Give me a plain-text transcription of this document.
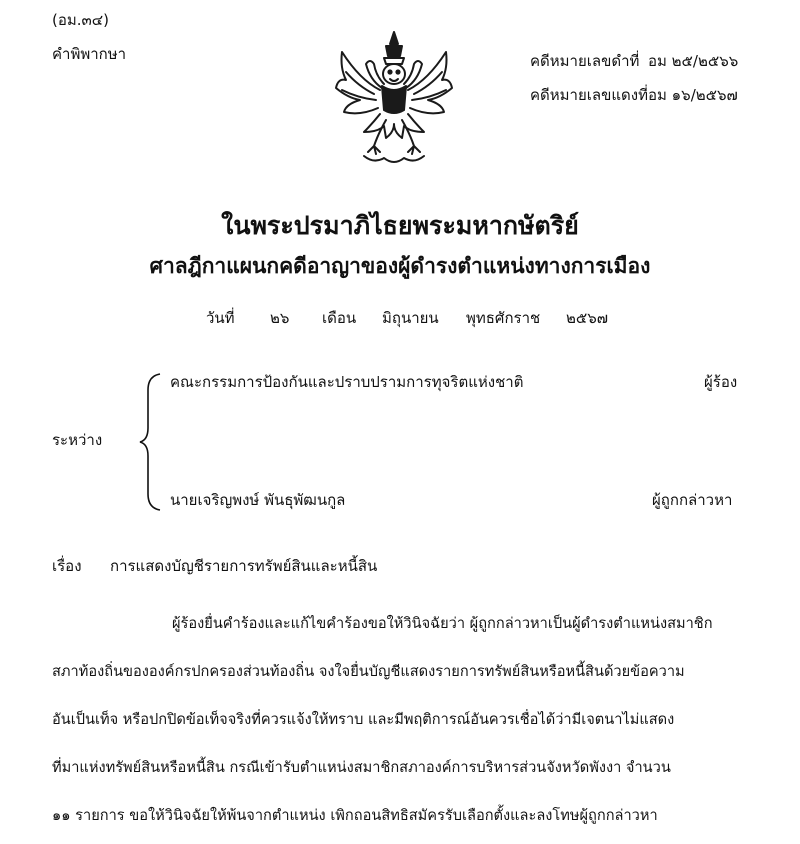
(อม.๓๔)
คำพิพากษา	คดีหมายเลขดำที่ อม ๒๕/๒๕๖๖
คดีหมายเลขแดงที่ อม ๑๖/๒๕๖๗
ในพระปรมาภิไธยพระมหากษัตริย์
ศาลฎีกาแผนกคดีอาญาของผู้ดำรงตำแหน่งทางการเมือง
วันที่	๒๖	เดือน	มิถุนายน	พุทธศักราช	๒๕๖๗
คณะกรรมการป้องกันและปราบปรามการทุจริตแห่งชาติ	ผู้ร้อง
ระหว่าง
นายเจริญพงษ์ พันธุพัฒนกูล	ผู้ถูกกล่าวหา
เรื่อง การแสดงบัญชีรายการทรัพย์สินและหนี้สิน
ผู้ร้องยื่นคำร้องและแก้ไขคำร้องขอให้วินิจฉัยว่า ผู้ถูกกล่าวหาเป็นผู้ดำรงตำแหน่งสมาชิก
สภาท้องถิ่นขององค์กรปกครองส่วนท้องถิ่น จงใจยื่นบัญชีแสดงรายการทรัพย์สินหรือหนี้สินด้วยข้อความ
อันเป็นเท็จ หรือปกปิดข้อเท็จจริงที่ควรแจ้งให้ทราบ และมีพฤติการณ์อันควรเชื่อได้ว่ามีเจตนาไม่แสดง
ที่มาแห่งทรัพย์สินหรือหนี้สิน กรณีเข้ารับตำแหน่งสมาชิกสภาองค์การบริหารส่วนจังหวัดพังงา จำนวน
๑๑ รายการ ขอให้วินิจฉัยให้พ้นจากตำแหน่ง เพิกถอนสิทธิสมัครรับเลือกตั้งและลงโทษผู้ถูกกล่าวหา
